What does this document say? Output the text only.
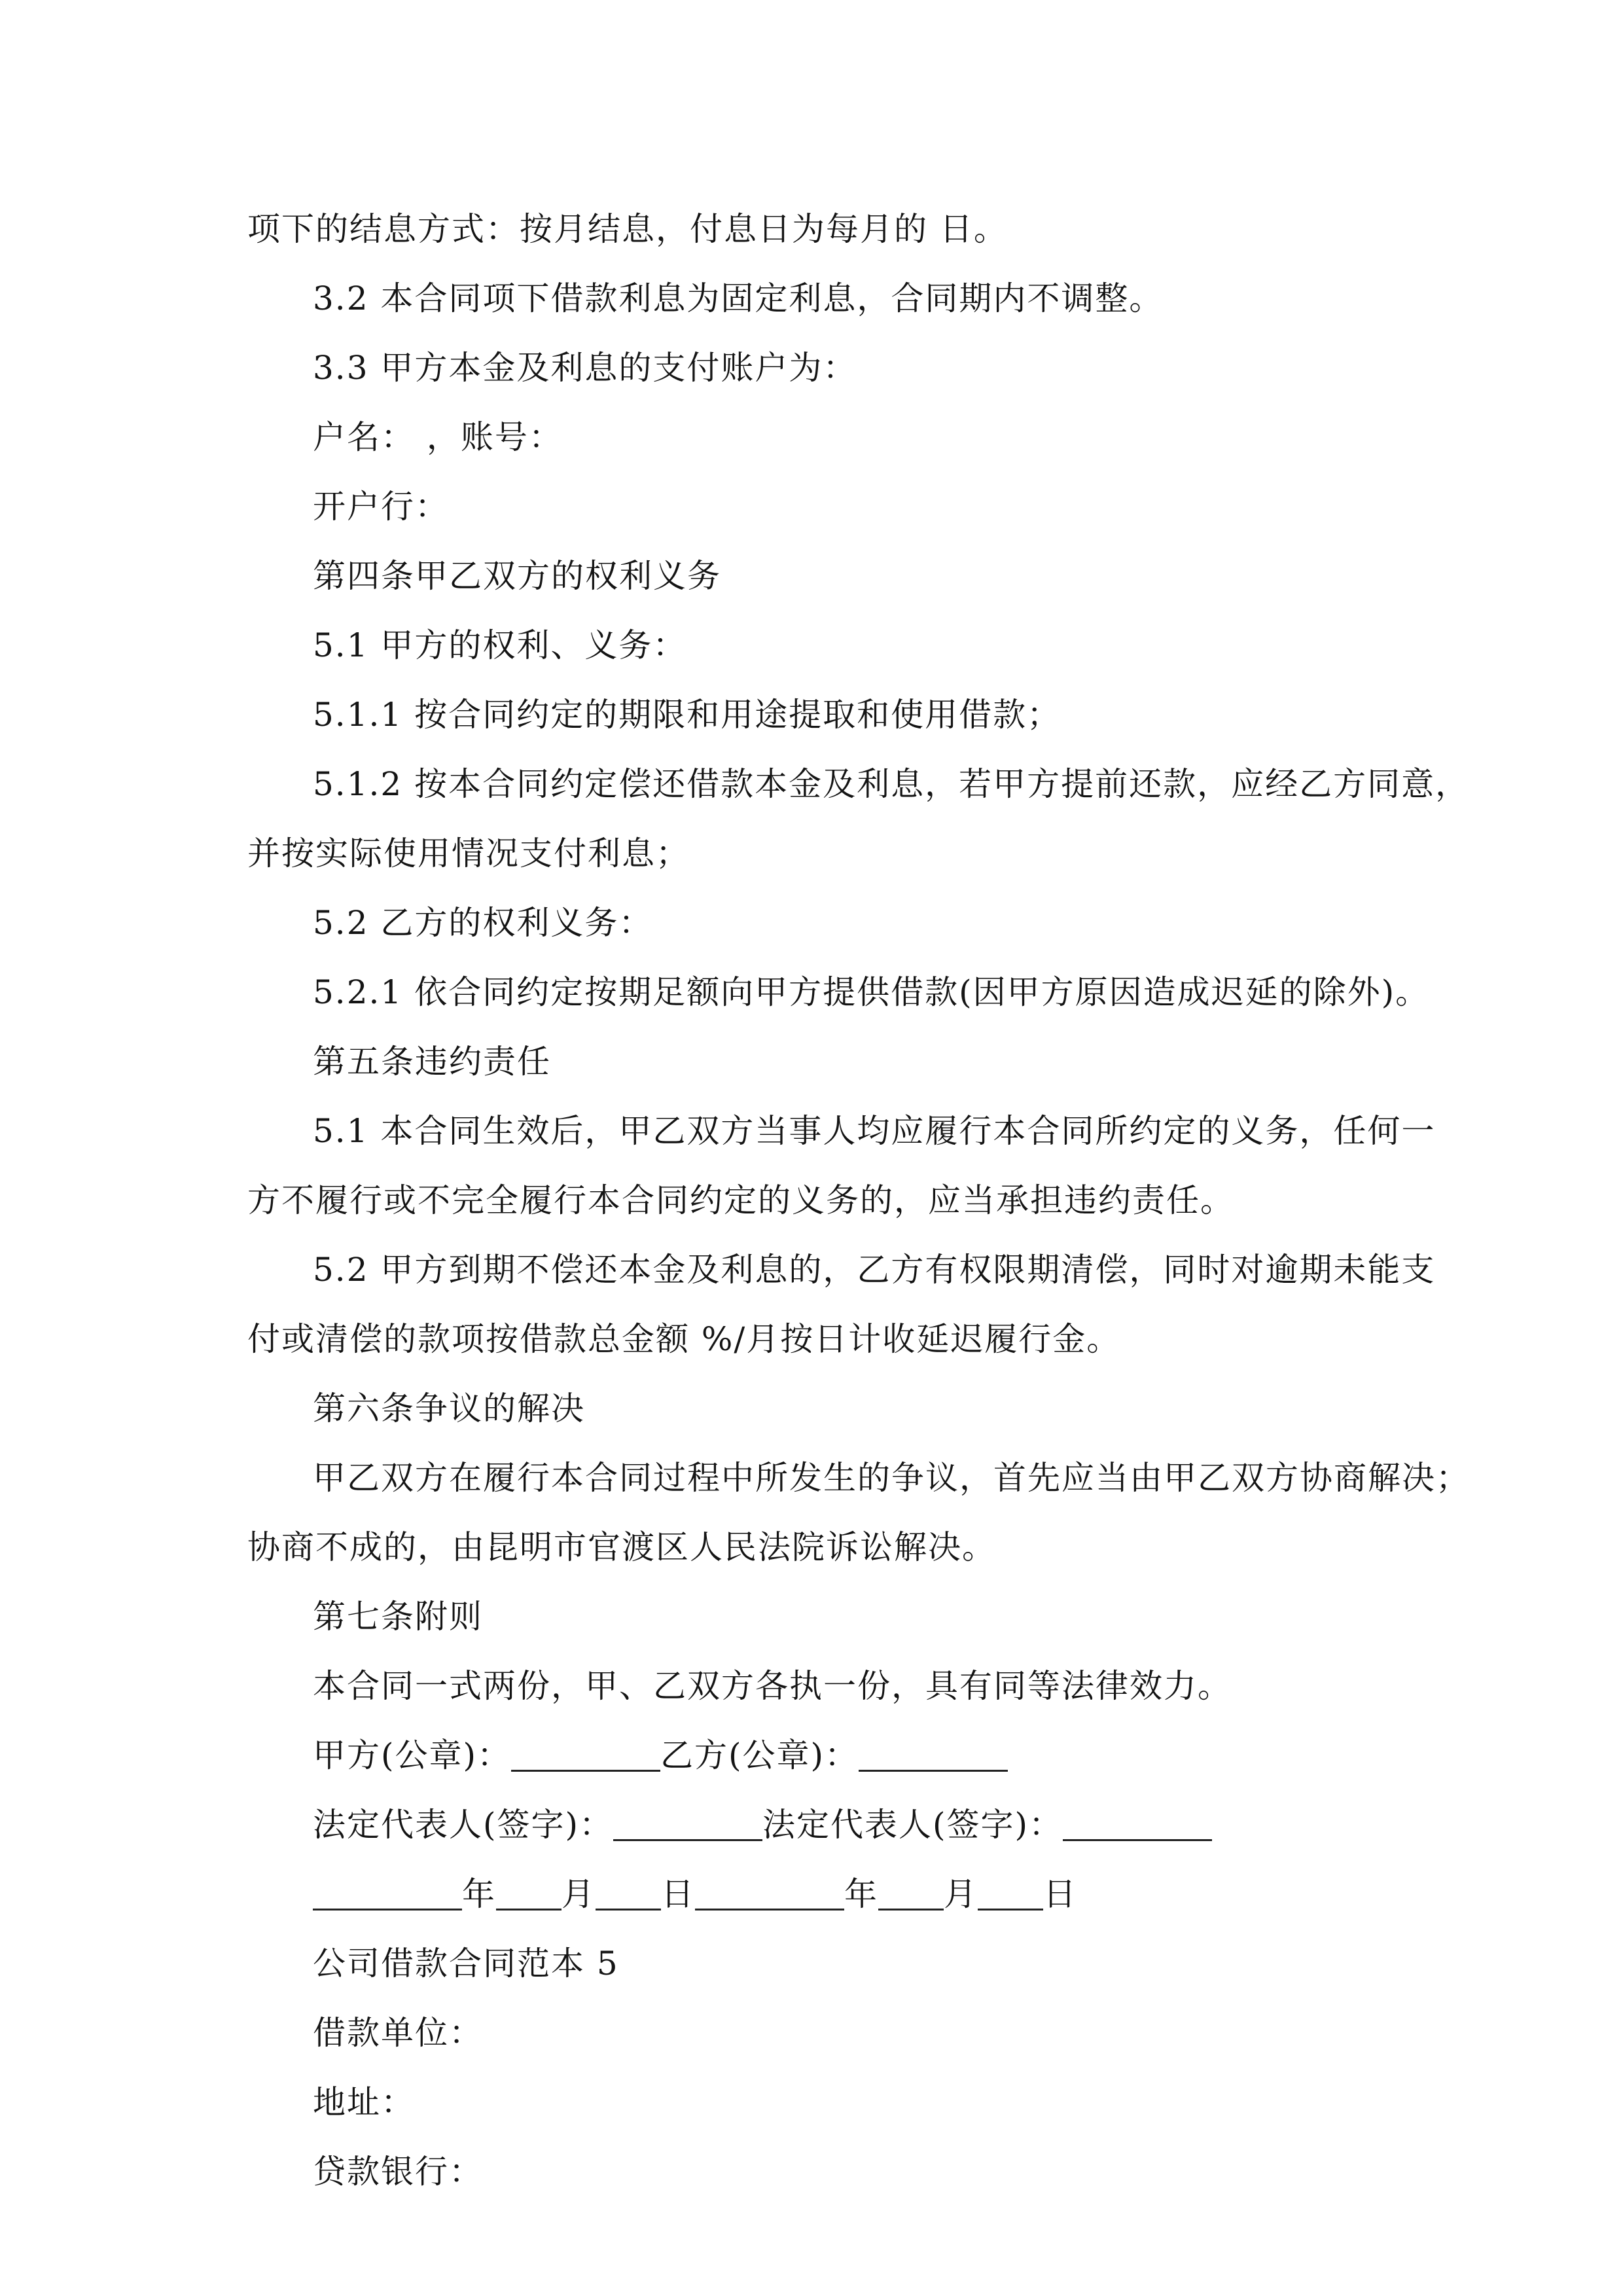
项下的结息方式：按月结息，付息日为每月的 日。
3.2 本合同项下借款利息为固定利息，合同期内不调整。
3.3 甲方本金及利息的支付账户为：
户名： ，账号：
开户行：
第四条甲乙双方的权利义务
5.1 甲方的权利、义务：
5.1.1 按合同约定的期限和用途提取和使用借款；
5.1.2 按本合同约定偿还借款本金及利息，若甲方提前还款，应经乙方同意，
并按实际使用情况支付利息；
5.2 乙方的权利义务：
5.2.1 依合同约定按期足额向甲方提供借款(因甲方原因造成迟延的除外)。
第五条违约责任
5.1 本合同生效后，甲乙双方当事人均应履行本合同所约定的义务，任何一
方不履行或不完全履行本合同约定的义务的，应当承担违约责任。
5.2 甲方到期不偿还本金及利息的，乙方有权限期清偿，同时对逾期未能支
付或清偿的款项按借款总金额 %/月按日计收延迟履行金。
第六条争议的解决
甲乙双方在履行本合同过程中所发生的争议，首先应当由甲乙双方协商解决；
协商不成的，由昆明市官渡区人民法院诉讼解决。
第七条附则
本合同一式两份，甲、乙双方各执一份，具有同等法律效力。
甲方(公章)：	乙方(公章)：
法定代表人(签字)：	法定代表人(签字)：
年 月 日	年 月 日
公司借款合同范本 5
借款单位：
地址：
贷款银行：
